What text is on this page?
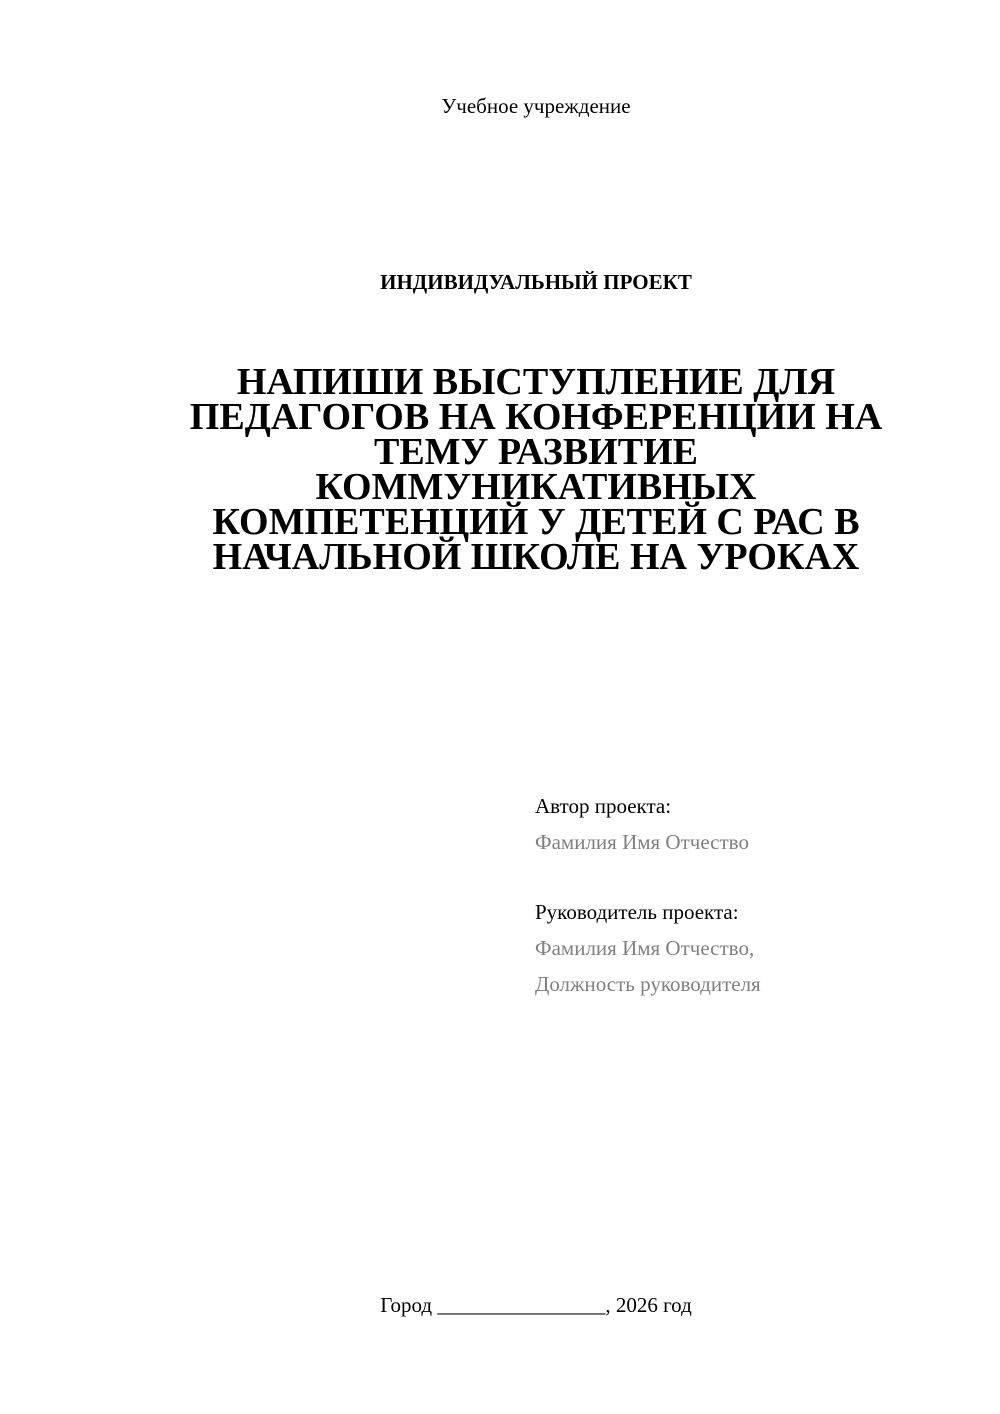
Учебное учреждение
ИНДИВИДУАЛЬНЫЙ ПРОЕКТ
НАПИШИ ВЫСТУПЛЕНИЕ ДЛЯ
ПЕДАГОГОВ НА КОНФЕРЕНЦИИ НА
ТЕМУ РАЗВИТИЕ
КОММУНИКАТИВНЫХ
КОМПЕТЕНЦИЙ У ДЕТЕЙ С РАС В
НАЧАЛЬНОЙ ШКОЛЕ НА УРОКАХ
Автор проекта:
Фамилия Имя Отчество
Руководитель проекта:
Фамилия Имя Отчество,
Должность руководителя
Город ________________, 2026 год
